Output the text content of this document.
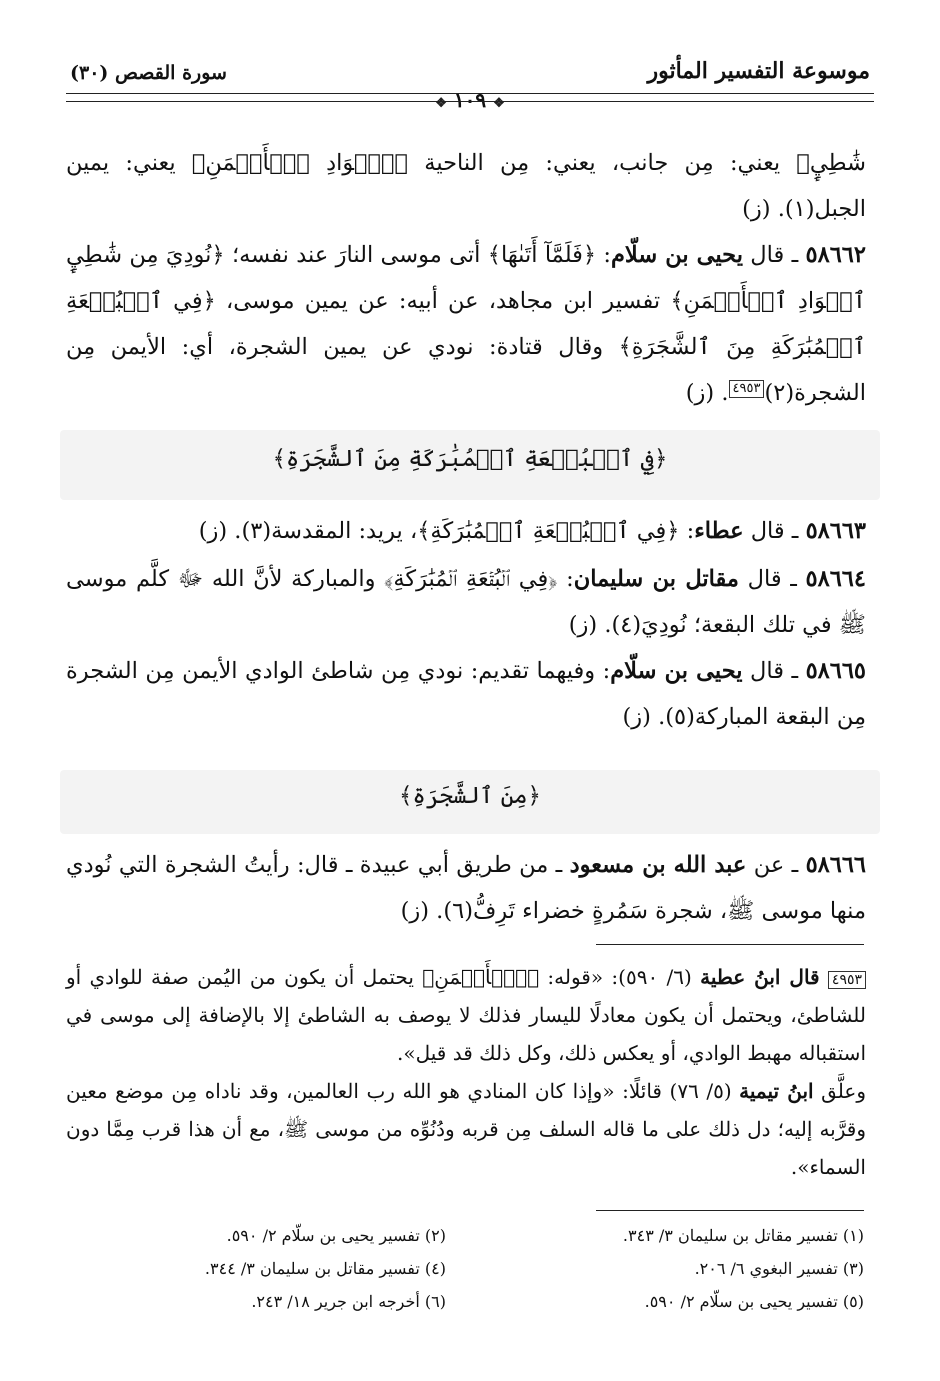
موسوعة التفسير المأثور
سورة القصص (٣٠)
❖ ١٠٩ ❖
شَٰطِيِٕ﴾ يعني: مِن جانب، يعني: مِن الناحية ﴿ٱلۡوَادِ ٱلۡأَيۡمَنِ﴾ يعني: يمين الجبل(١). (ز)
٥٨٦٦٢ ـ قال يحيى بن سلّام: ﴿فَلَمَّآ أَتَىٰهَا﴾ أتى موسى النارَ عند نفسه؛ ﴿نُودِيَ مِن شَٰطِيِٕ ٱلۡوَادِ ٱلۡأَيۡمَنِ﴾ تفسير ابن مجاهد، عن أبيه: عن يمين موسى، ﴿فِي ٱلۡبُقۡعَةِ ٱلۡمُبَٰرَكَةِ مِنَ ٱلشَّجَرَةِ﴾ وقال قتادة: نودي عن يمين الشجرة، أي: الأيمن مِن الشجرة(٢)٤٩٥٣. (ز)
﴿فِي ٱلۡبُقۡعَةِ ٱلۡمُبَٰرَكَةِ مِنَ ٱلشَّجَرَةِ﴾
٥٨٦٦٣ ـ قال عطاء: ﴿فِي ٱلۡبُقۡعَةِ ٱلۡمُبَٰرَكَةِ﴾، يريد: المقدسة(٣). (ز)
٥٨٦٦٤ ـ قال مقاتل بن سليمان: ﴿فِي ٱلۡبُقۡعَةِ ٱلۡمُبَٰرَكَةِ﴾ والمباركة لأنَّ الله ﷻ كلَّم موسى ﷺ في تلك البقعة؛ نُودِيَ(٤). (ز)
٥٨٦٦٥ ـ قال يحيى بن سلّام: وفيهما تقديم: نودي مِن شاطئ الوادي الأيمن مِن الشجرة مِن البقعة المباركة(٥). (ز)
﴿مِنَ ٱلشَّجَرَةِ﴾
٥٨٦٦٦ ـ عن عبد الله بن مسعود ـ من طريق أبي عبيدة ـ قال: رأيتُ الشجرة التي نُودي منها موسى ﷺ، شجرة سَمُرةٍ خضراء تَرِفُّ(٦). (ز)
٤٩٥٣ قال ابنُ عطية (٦/ ٥٩٠): «قوله: ﴿ٱلۡأَيۡمَنِ﴾ يحتمل أن يكون من اليُمن صفة للوادي أو للشاطئ، ويحتمل أن يكون معادلًا لليسار فذلك لا يوصف به الشاطئ إلا بالإضافة إلى موسى في استقباله مهبط الوادي، أو يعكس ذلك، وكل ذلك قد قيل».
وعلَّق ابنُ تيمية (٥/ ٧٦) قائلًا: «وإذا كان المنادي هو الله رب العالمين، وقد ناداه مِن موضع معين وقرَّبه إليه؛ دل ذلك على ما قاله السلف مِن قربه ودُنُوِّه من موسى ﷺ، مع أن هذا قرب مِمَّا دون السماء».
(١) تفسير مقاتل بن سليمان ٣/ ٣٤٣.
(٢) تفسير يحيى بن سلّام ٢/ ٥٩٠.
(٣) تفسير البغوي ٦/ ٢٠٦.
(٤) تفسير مقاتل بن سليمان ٣/ ٣٤٤.
(٥) تفسير يحيى بن سلّام ٢/ ٥٩٠.
(٦) أخرجه ابن جرير ١٨/ ٢٤٣.
